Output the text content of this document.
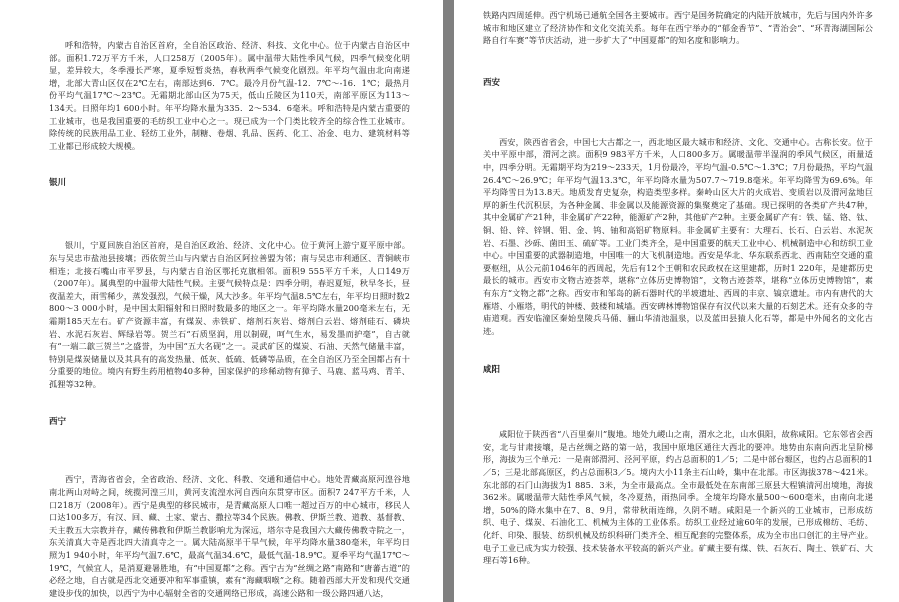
呼和浩特，内蒙古自治区首府，全自治区政治、经济、科技、文化中心。位于内蒙古自治区中部。面积1.72万平方千米，人口258万（2005年）。属中温带大陆性季风气候，四季气候变化明显，差异较大，冬季漫长严寒，夏季短暂炎热，春秋两季气候变化剧烈。年平均气温由北向南递增，北部大青山区仅在2℃左右，南部达到6．7℃。最冷月份气温-12．7℃～-16．1℃；最热月份平均气温17℃～23℃。无霜期北部山区为75天，低山丘陵区为110天，南部平原区为113～134天。日照年均1 600小时。年平均降水量为335．2～534．6毫米。呼和浩特是内蒙古重要的工业城市，也是我国重要的毛纺织工业中心之一。现已成为一个门类比较齐全的综合性工业城市。除传统的民族用品工业、轻纺工业外，制糖、卷烟、乳品、医药、化工、冶金、电力、建筑材料等工业都已形成较大规模。

银川

银川，宁夏回族自治区首府，是自治区政治、经济、文化中心。位于黄河上游宁夏平原中部。东与吴忠市盐池县接壤；西依贺兰山与内蒙古自治区阿拉善盟为邻；南与吴忠市利通区、青铜峡市相连；北接石嘴山市平罗县，与内蒙古自治区鄂托克旗相邻。面积9 555平方千米，人口149万（2007年）。属典型的中温带大陆性气候。主要气候特点是：四季分明，春迟夏短，秋早冬长，昼夜温差大，雨雪稀少，蒸发强烈，气候干燥，风大沙多。年平均气温8.5℃左右，年平均日照时数2 800～3 000小时，是中国太阳辐射和日照时数最多的地区之一。年平均降水量200毫米左右，无霜期185天左右。矿产资源丰富，有煤炭、赤铁矿、熔剂石灰岩、熔剂白云岩、熔剂硅石、磷块岩、水泥石灰岩、辉绿岩等。贺兰石“石质坚润，用以制砚，呵气生水，易发墨而护毫”，自古就有“一端二歙三贺兰”之盛誉，为中国“五大名砚”之一。灵武矿区的煤炭、石油、天然气储量丰富，特别是煤炭储量以及其具有的高发热量、低灰、低硫、低磷等品质，在全自治区乃至全国都占有十分重要的地位。境内有野生药用植物40多种，国家保护的珍稀动物有獐子、马鹿、蓝马鸡、青羊、孤狸等32种。

西宁

西宁，青海省省会，全省政治、经济、文化、科教、交通和通信中心。地处青藏高原河湟谷地南北两山对峙之间，统揽河湟三川，黄河支流湟水河自西向东贯穿市区。面积7 247平方千米，人口218万（2008年）。西宁是典型的移民城市，是青藏高原人口唯一超过百万的中心城市，移民人口达100多万，有汉、回、藏、土家、蒙古、撒拉等34个民族。佛教、伊斯兰教、道教、基督教、天主教五大宗教并存，藏传佛教和伊斯兰教影响尤为深远，塔尔寺是我国六大藏传佛教寺院之一，东关清真大寺是西北四大清真寺之一。属大陆高原半干旱气候，年平均降水量380毫米，年平均日照为1 940小时，年平均气温7.6℃，最高气温34.6℃，最低气温-18.9℃。夏季平均气温17℃～19℃，气候宜人，是消夏避暑胜地，有“中国夏都”之称。西宁古为“丝绸之路”南路和“唐蕃古道”的必经之地，自古就是西北交通要冲和军事重镇，素有“海藏咽喉”之称。随着西部大开发和现代交通建设步伐的加快，以西宁为中心辐射全省的交通网络已形成，高速公路和一级公路四通八达，

铁路内四周延伸。西宁机场已通航全国各主要城市。西宁是国务院确定的内陆开放城市，先后与国内外许多城市和地区建立了经济协作和文化交流关系。每年在西宁举办的“郁金香节”、“青治会”、“环青海湖国际公路自行车赛”等节庆活动，进一步扩大了“中国夏都”的知名度和影响力。

西安

西安，陕西省省会，中国七大古都之一，西北地区最大城市和经济、文化、交通中心。古称长安。位于关中平原中部，渭河之滨。面积9 983平方千米，人口800多万。属暖温带半湿润的季风气候区，雨量适中，四季分明。无霜期平均为219～233天，1月份最冷，平均气温-0.5℃～1.3℃；7月份最热，平均气温26.4℃～26.9℃；年平均气温13.3℃，年平均降水量为507.7～719.8毫米。年平均降雪为69.6%。年平均降雪日为13.8天。地质发育史复杂，构造类型多样。秦岭山区大片的火成岩、变质岩以及渭河盆地巨厚的新生代沉积层，为各种金属、非金属以及能源资源的集聚奠定了基础。现已探明的各类矿产共47种，其中金属矿产21种，非金属矿产22种，能源矿产2种，其他矿产2种。主要金属矿产有：铁、锰、铬、钛、铜、铅、锌、锌钢、钼、金、钨、铀和高铝矿物原料。非金属矿主要有：大理石、长石、白云岩、水泥灰岩、石墨、沙砾、菌田玉、硫矿等。工业门类齐全，是中国重要的航天工业中心、机械制造中心和纺织工业中心。中国重要的武器制造地，中国唯一的大飞机制造地。西安是华北、华东联系西北、西南陆空交通的重要枢纽，从公元前1046年的西周起，先后有12个王朝和农民政权在这里建都，历时1 220年，是建都历史最长的城市。西安市文物古迹荟萃，堪称“立体历史博物馆”，文物古迹荟萃，堪称“立体历史博物馆”，素有东方“文物之都”之称。西安市和邹岛的新石器时代的半坡遗址、西周的丰京、镐京遗址。市内有唐代的大雁塔、小雁塔，明代的钟楼、鼓楼和城墙。西安碑林博物馆保存有汉代以来大量的石刻艺术。还有众多的寺庙道观。西安临潼区秦始皇陵兵马俑、骊山华清池温泉，以及蓝田县猿人化石等，都是中外闻名的文化古迹。

咸阳

咸阳位于陕西省“八百里秦川”腹地。地处九嵕山之南，渭水之北，山水俱阳，故称咸阳。它东邻省会西安，北与甘肃接壤，是古丝绸之路的第一站，我国中原地区通往大西北的要冲。地势由东南向西北呈阶梯形，海拔为三个单元：一是南部渭河、泾河平原，约占总面积的1／5；二是中部台塬区，也约占总面积的1／5；三是北部高原区，约占总面积3／5。境内大小11条主石山岭，集中在北部。市区海拔378～421米。东北部的石门山海拔为1 885．3米，为全市最高点。全市最低处在东南部三原县大程镇清河出境地，海拔362米。属暖温带大陆性季风气候，冬冷夏热，雨热同季。全境年均降水量500～600毫米，由南向北递增，50%的降水集中在7、8、9月，常带秋雨连绵，久阴不晴。咸阳是一个新兴的工业城市，已形成纺织、电子、煤炭、石油化工、机械为主体的工业体系。纺织工业经过逾60年的发展，已形成棉纺、毛纺、化纤、印染、服装、纺织机械及纺织科研门类齐全、相互配套的完整体系，成为全市出口创汇的主导产业。电子工业已成为实力较强、技术装备水平较高的新兴产业。矿藏主要有煤、铁、石灰石、陶土、铁矿石、大理石等16种。
